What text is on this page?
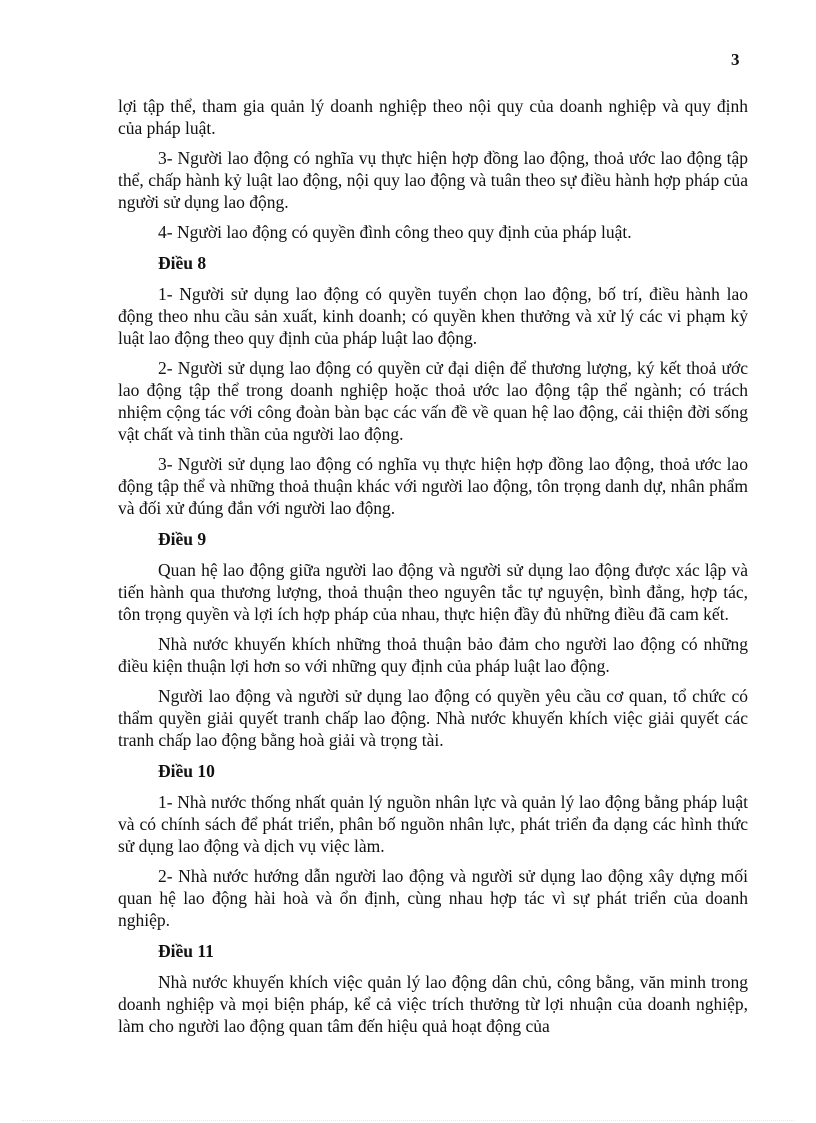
3

lợi tập thể, tham gia quản lý doanh nghiệp theo nội quy của doanh nghiệp và quy định của pháp luật.

3- Người lao động có nghĩa vụ thực hiện hợp đồng lao động, thoả ước lao động tập thể, chấp hành kỷ luật lao động, nội quy lao động và tuân theo sự điều hành hợp pháp của người sử dụng lao động.

4- Người lao động có quyền đình công theo quy định của pháp luật.

Điều 8

1- Người sử dụng lao động có quyền tuyển chọn lao động, bố trí, điều hành lao động theo nhu cầu sản xuất, kinh doanh; có quyền khen thưởng và xử lý các vi phạm kỷ luật lao động theo quy định của pháp luật lao động.

2- Người sử dụng lao động có quyền cử đại diện để thương lượng, ký kết thoả ước lao động tập thể trong doanh nghiệp hoặc thoả ước lao động tập thể ngành; có trách nhiệm cộng tác với công đoàn bàn bạc các vấn đề về quan hệ lao động, cải thiện đời sống vật chất và tinh thần của người lao động.

3- Người sử dụng lao động có nghĩa vụ thực hiện hợp đồng lao động, thoả ước lao động tập thể và những thoả thuận khác với người lao động, tôn trọng danh dự, nhân phẩm và đối xử đúng đắn với người lao động.

Điều 9

Quan hệ lao động giữa người lao động và người sử dụng lao động được xác lập và tiến hành qua thương lượng, thoả thuận theo nguyên tắc tự nguyện, bình đẳng, hợp tác, tôn trọng quyền và lợi ích hợp pháp của nhau, thực hiện đầy đủ những điều đã cam kết.

Nhà nước khuyến khích những thoả thuận bảo đảm cho người lao động có những điều kiện thuận lợi hơn so với những quy định của pháp luật lao động.

Người lao động và người sử dụng lao động có quyền yêu cầu cơ quan, tổ chức có thẩm quyền giải quyết tranh chấp lao động. Nhà nước khuyến khích việc giải quyết các tranh chấp lao động bằng hoà giải và trọng tài.

Điều 10

1- Nhà nước thống nhất quản lý nguồn nhân lực và quản lý lao động bằng pháp luật và có chính sách để phát triển, phân bố nguồn nhân lực, phát triển đa dạng các hình thức sử dụng lao động và dịch vụ việc làm.

2- Nhà nước hướng dẫn người lao động và người sử dụng lao động xây dựng mối quan hệ lao động hài hoà và ổn định, cùng nhau hợp tác vì sự phát triển của doanh nghiệp.

Điều 11

Nhà nước khuyến khích việc quản lý lao động dân chủ, công bằng, văn minh trong doanh nghiệp và mọi biện pháp, kể cả việc trích thưởng từ lợi nhuận của doanh nghiệp, làm cho người lao động quan tâm đến hiệu quả hoạt động của
